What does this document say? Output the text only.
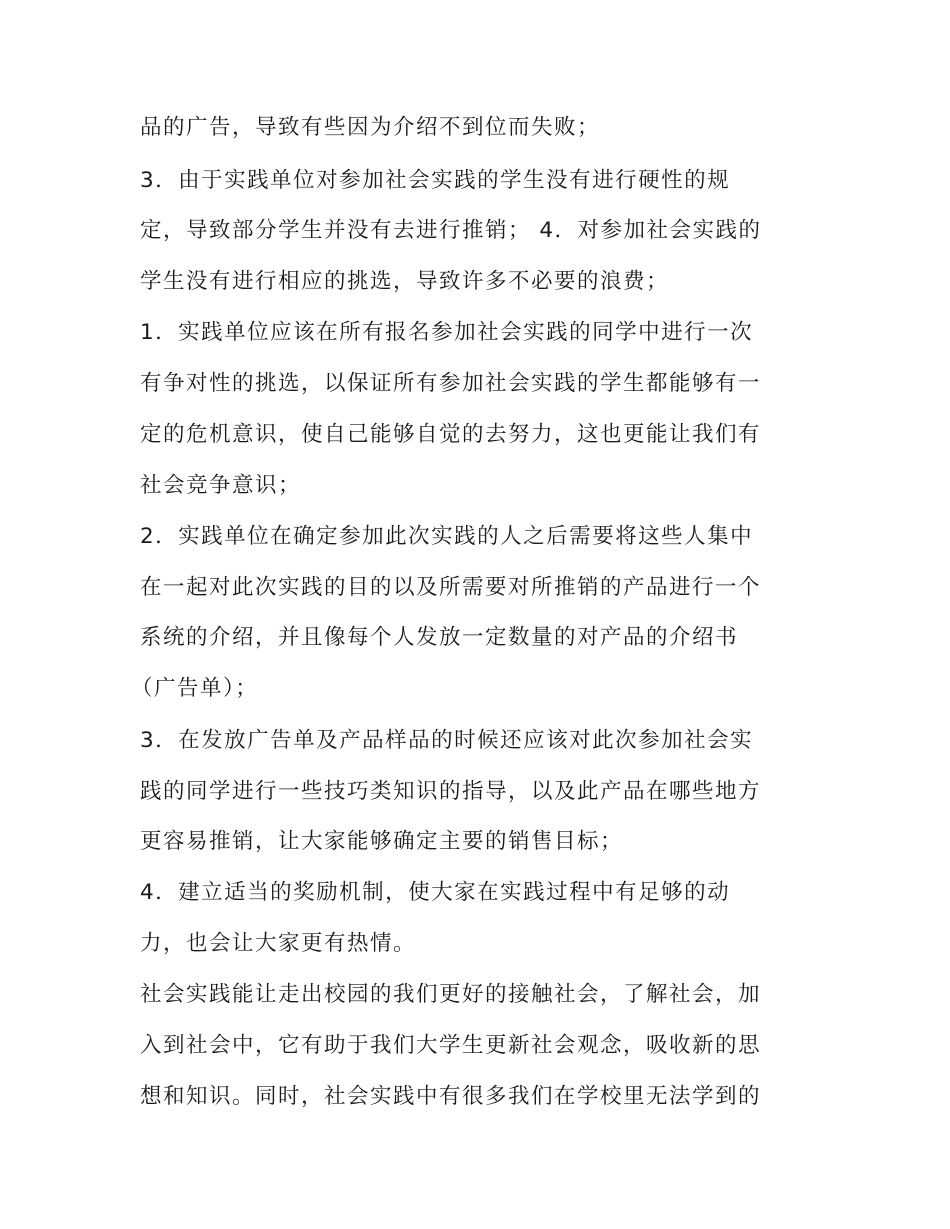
品的广告，导致有些因为介绍不到位而失败；

3．由于实践单位对参加社会实践的学生没有进行硬性的规

定，导致部分学生并没有去进行推销； 4．对参加社会实践的

学生没有进行相应的挑选，导致许多不必要的浪费；

1．实践单位应该在所有报名参加社会实践的同学中进行一次

有争对性的挑选，以保证所有参加社会实践的学生都能够有一

定的危机意识，使自己能够自觉的去努力，这也更能让我们有

社会竞争意识；

2．实践单位在确定参加此次实践的人之后需要将这些人集中

在一起对此次实践的目的以及所需要对所推销的产品进行一个

系统的介绍，并且像每个人发放一定数量的对产品的介绍书

（广告单）；

3．在发放广告单及产品样品的时候还应该对此次参加社会实

践的同学进行一些技巧类知识的指导，以及此产品在哪些地方

更容易推销，让大家能够确定主要的销售目标；

4．建立适当的奖励机制，使大家在实践过程中有足够的动

力，也会让大家更有热情。

社会实践能让走出校园的我们更好的接触社会，了解社会，加

入到社会中，它有助于我们大学生更新社会观念，吸收新的思

想和知识。同时，社会实践中有很多我们在学校里无法学到的
